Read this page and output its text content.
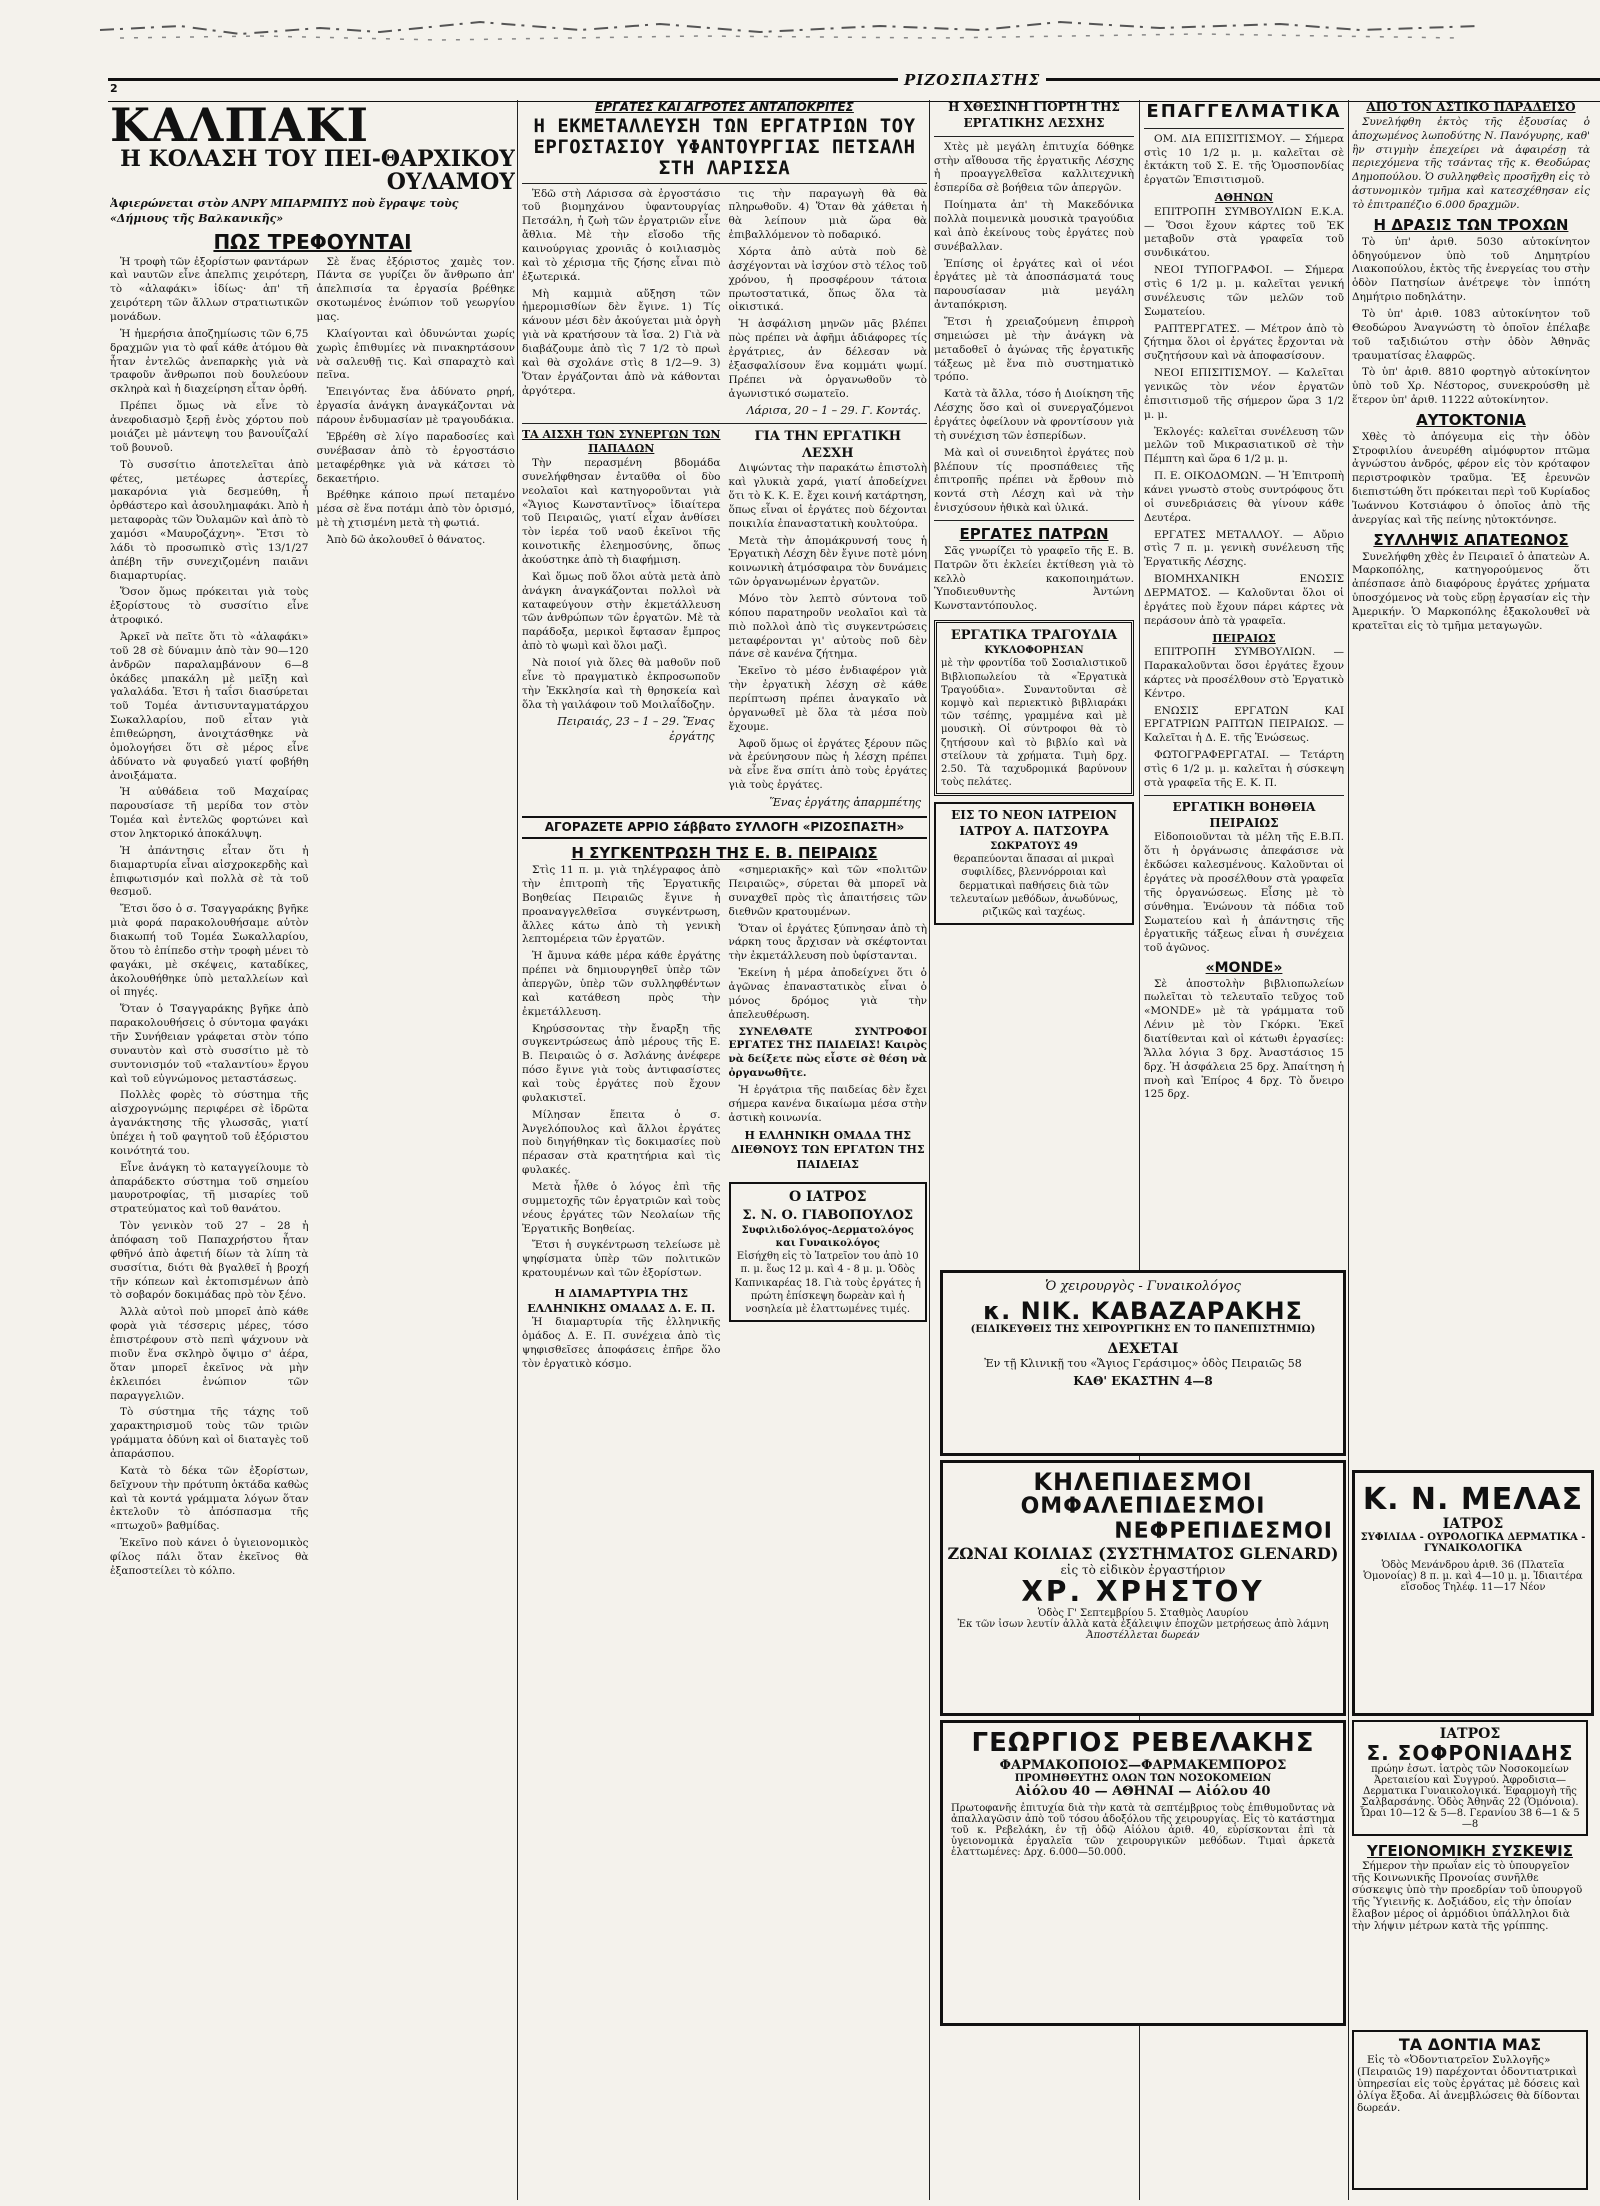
2	ΡΙΖΟΣΠΑΣΤΗΣ
ΚΑΛΠΑΚΙ
Η ΚΟΛΑΣΗ ΤΟΥ ΠΕΙ-ΘΑΡΧΙΚΟΥ ΟΥΛΑΜΟΥ
Ἀφιερώνεται στὸν ΑΝΡΥ ΜΠΑΡΜΠΥΣ ποὺ ἔγραψε τοὺς «Δήμιους τῆς Βαλκανικῆς»
ΠΩΣ ΤΡΕΦΟΥΝΤΑΙ

Ἡ τροφὴ τῶν ἐξορίστων φαντάρων καὶ ναυτῶν εἶνε ἀπελπις χειρότερη, τὸ «ἀλαφάκι» ἰδίως· ἀπ' τῆ χειρότερη τῶν ἄλλων στρατιωτικῶν μονάδων.

Ἡ ἡμερήσια ἀποζημίωσις τῶν 6,75 δραχμῶν για τὸ φαΐ κάθε ἀτόμου θὰ ἦταν ἐντελῶς ἀνεπαρκὴς γιὰ νὰ τραφοῦν ἄνθρωποι ποὺ δουλεύουν σκληρὰ καὶ ἡ διαχείρηση εἶταν ὁρθή.

Πρέπει ὅμως νὰ εἶνε τὸ ἀνεφοδιασμὸ ξερῇ ἐνὸς χόρτου ποὺ μοιάζει μὲ μάντεψη του βανουΐζαλί τοῦ βουνοῦ.

Τὸ συσσίτιο ἀποτελεῖται ἀπὸ φέτες, μετέωρες ἀστερίες, μακαρόνια γιὰ δεσμεύθη, ἦ ὀρθάστερο καὶ ἀσουλημαφάκι. Ἀπὸ ἡ μεταφορὰς τῶν Ὀυλαμῶν καὶ ἀπὸ τὸ χαμόσι «Μαυροζάχνη». Ἔτσι τὸ λάδι τὸ προσωπικὸ στὶς 13/1/27 ἀπέβη τῆν συνεχιζομένη παιᾶνι διαμαρτυρίας.

Ὅσον ὅμως πρόκειται γιὰ τοὺς ἐξορίστους τὸ συσσίτιο εἶνε ἀτροφικό.

Ἀρκεῖ νὰ πεῖτε ὅτι τὸ «ἀλαφάκι» τοῦ 28 σὲ δύναμιν ἀπὸ τὰν 90—120 ἀνδρῶν παραλαμβάνουν 6—8 ὀκάδες μπακάλη μὲ μεῖξη καὶ γαλαλάδα. Ἐτσι ἡ ταΐσι διασύρεται τοῦ Τομέα ἀντισυνταγματάρχου Σωκαλλαρίου, ποῦ εἶταν γιὰ ἐπιθεώρηση, ἀνοιχτάσθηκε νὰ ὁμολογήσει ὅτι σὲ μέρος εἶνε ἀδύνατο νὰ φυγαδεύ γιατί φοβήθη ἀνοιξάματα.

Ἡ αὐθάδεια τοῦ Μαχαίρας παρουσίασε τῆ μερίδα τον στὸν Τομέα καὶ ἐντελῶς φορτώνει καὶ στον ληκτορικό ἀποκάλυψη.

Ἡ ἀπάντησις εἶταν ὅτι ἡ διαμαρτυρία εἶναι αἰσχροκερδὴς καὶ ἐπιφωτισμόν καὶ πολλὰ σὲ τὰ τοῦ θεσμοῦ.

Ἔτσι ὅσο ὁ σ. Τσαγγαράκης βγῆκε μιὰ φορά παρακολουθήσαμε αὐτὸν διακωπή τοῦ Τομέα Σωκαλλαρίου, ὅτου τὸ ἐπίπεδο στὴν τροφὴ μένει τὸ φαγάκι, μὲ σκέψεις, καταδίκες, ἀκολουθήθηκε ὑπὸ μεταλλείων καὶ οἱ πηγές.

Ὅταν ὁ Τσαγγαράκης βγῆκε ἀπὸ παρακολουθήσεις ὁ σύντομα φαγάκι τῆν Συνήθειαν γράφεται στὸν τόπο συναυτὸν καὶ στὸ συσσίτιο μὲ τὸ συντονισμόν τοῦ «ταλαντίου» ἔργου καὶ τοῦ εὐγνώμονος μεταστάσεως.

Πολλὲς φορὲς τὸ σύστημα τῆς αἰσχρογνώμης περιφέρει σὲ ἰδρῶτα ἀγανάκτησης τῆς γλωσσᾶς, γιατί ὑπέχει ἡ τοῦ φαγητοῦ τοῦ ἐξόριστου κοινότητά του.

Εἶνε ἀνάγκη τὸ καταγγείλουμε τὸ ἀπαράδεκτο σύστημα τοῦ σημείου μαυροτροφίας, τῆ μισαρίες τοῦ στρατεύματος καὶ τοῦ θανάτου.

Τὸν γενικὸν τοῦ 27 – 28 ἡ ἀπόφαση τοῦ Παπαχρήστου ἦταν φθῆνό ἀπὸ ἀφετιή δίων τὰ λίπη τὰ συσσίτια, διότι θὰ βγαλθεῖ ἡ βροχή τῆν κόπεων καὶ ἐκτοπισμένων ἀπὸ τὸ σοβαρόν δοκιμάδας πρὸ τὸν ξένο.

Ἀλλὰ αὐτοὶ ποὺ μπορεῖ ἀπὸ κάθε φορὰ γιὰ τέσσερις μέρες, τόσο ἐπιστρέφουν στὸ πεπὶ ψάχνουν νὰ πιοῦν ἕνα σκληρὸ ὄψιμο σ' ἀέρα, ὅταν μπορεῖ ἐκεῖνος νὰ μὴν ἐκλειπόει ἐνώπιον τῶν παραγγελιῶν.

Τὸ σύστημα τῆς τάχης τοῦ χαρακτηρισμοῦ τοὺς τῶν τριῶν γράμματα ὀδύνη καὶ οἱ διαταγὲς τοῦ ἀπαράσπου.

Κατὰ τὸ δέκα τῶν ἐξορίστων, δεῖχνουν τὴν πρότυπη ὀκτάδα καθὼς καὶ τὰ κοντά γράμματα λόγων ὅταν ἐκτελοῦν τὸ ἀπόσπασμα τῆς «πτωχοῦ» βαθμίδας.

Ἐκεῖνο ποὺ κάνει ὁ ὑγιειονομικὸς φίλος πάλι ὅταν ἐκεῖνος θὰ ἐξαποστείλει τὸ κόλπο.

Σὲ ἕνας ἐξόριστος χαμὲς τον. Πάντα σε γυρίζει ὅν ἄνθρωπο ἀπ' ἀπελπισία τα ἐργασία βρέθηκε σκοτωμένος ἐνώπιον τοῦ γεωργίου μας.

Κλαίγονται καὶ ὀδυνώνται χωρίς χωρὶς ἐπιθυμίες νὰ πινακηρτάσουν νὰ σαλευθῇ τις. Καὶ σπαραχτὸ καὶ πεῖνα.

Ἐπειγόντας ἔνα ἀδύνατο ρηρή, ἐργασία ἀνάγκη ἀναγκάζονται νὰ πάρουν ἐνδυμασίαν μὲ τραγουδάκια.

Ἐβρέθη σὲ λίγο παραδοσίες καὶ συνέβασαν ἀπὸ τὸ ἐργοστάσιο μεταφέρθηκε γιὰ νὰ κάτσει τὸ δεκαετήριο.

Βρέθηκε κάποιο πρωί πεταμένο μέσα σὲ ἕνα ποτάμι ἀπὸ τὸν ὁρισμό, μὲ τὴ χτισμένη μετὰ τὴ φωτιά.

Ἀπὸ δῶ ἀκολουθεῖ ὁ θάνατος.

ΕΡΓΑΤΕΣ ΚΑΙ ΑΓΡΟΤΕΣ ΑΝΤΑΠΟΚΡΙΤΕΣ
Η ΕΚΜΕΤΑΛΛΕΥΣΗ ΤΩΝ ΕΡΓΑΤΡΙΩΝ ΤΟΥ ΕΡΓΟΣΤΑΣΙΟΥ ΥΦΑΝΤΟΥΡΓΙΑΣ ΠΕΤΣΑΛΗ ΣΤΗ ΛΑΡΙΣΣΑ

Ἐδῶ στὴ Λάρισσα σὰ ἐργοστάσιο τοῦ βιομηχάνου ὑφαντουργίας Πετσάλη, ἡ ζωὴ τῶν ἐργατριῶν εἶνε ἄθλια. Μὲ τὴν εἴσοδο τῆς καινούργιας χρονιᾶς ὁ κοιλιασμὸς καὶ τὸ χέρισμα τῆς ζήσης εἶναι πιὸ ἐξωτερικά.

Μὴ καμμιὰ αὔξηση τῶν ἡμερομισθίων δὲν ἔγινε. 1) Τίς κάνουν μέσι δὲν ἀκούγεται μιὰ ὀργὴ γιὰ νὰ κρατήσουν τὰ ἴσα. 2) Γιὰ νὰ διαβάζουμε ἀπὸ τὶς 7 1/2 τὸ πρωὶ καὶ θὰ σχολάνε στὶς 8 1/2—9. 3) Ὅταν ἐργάζονται ἀπὸ νὰ κάθονται ἀργότερα.

τις τὴν παραγωγὴ θὰ θὰ πληρωθοῦν. 4) Ὅταν θὰ χάθεται ἡ θὰ λείπουν μιὰ ὥρα θὰ ἐπιβαλλόμενον τὸ ποδαρικό.

Χόρτα ἀπὸ αὐτὰ ποὺ δὲ ἀσχέγονται νὰ ἰσχύον στὸ τέλος τοῦ χρόνου, ἡ προσφέρουν τάτοια πρωτοστατικά, ὅπως ὅλα τὰ οἰκιστικά.

Ἡ ἀσφάλιση μηνῶν μᾶς βλέπει πὼς πρέπει νὰ ἀφῆμι ἀδιάφορες τίς ἐργάτριες, ἀν δέλεσαν νὰ ἐξασφαλίσουν ἕνα κομμάτι ψωμί. Πρέπει νὰ ὀργανωθοῦν τὸ ἀγωνιστικό σωματεῖο.

Λάρισα, 20 – 1 – 29. Γ. Κοντάς.
ΤΑ ΑΙΣΧΗ ΤΩΝ ΣΥΝΕΡΓΩΝ ΤΩΝ ΠΑΠΑΔΩΝ

Τὴν περασμένη βδομάδα συνελήφθησαν ἐνταῦθα οἱ δὺο νεολαῖοι καὶ κατηγοροῦνται γιὰ «Ἅγιος Κωνσταντῖνος» ἰδιαίτερα τοῦ Πειραιῶς, γιατί εἶχαν ἀνθίσει τὸν ἱερέα τοῦ ναοῦ ἐκεῖνοι τῆς κοινοτικῆς ἐλεημοσύνης, ὅπως ἀκούστηκε ἀπὸ τὴ διαφήμιση.

Καὶ ὅμως ποῦ ὅλοι αὐτὰ μετὰ ἀπὸ ἀνάγκη ἀναγκάζονται πολλοὶ νὰ καταφεύγουν στὴν ἐκμετάλλευση τῶν ἀνθρώπων τῶν ἐργατῶν. Μὲ τὰ παράδοξα, μερικοὶ ἔφτασαν ἔμπρος ἀπὸ τὸ ψωμὶ καὶ ὅλοι μαζὶ.

Νὰ ποιοί γιὰ ὅλες θὰ μαθοῦν ποῦ εἶνε τὸ πραγματικὸ ἐκπροσωποῦν τὴν Ἐκκλησία καὶ τὴ θρησκεία καὶ ὅλα τὴ γαιλάφοιν τοῦ Μοιλαΐδοζην.

Πειραιάς, 23 – 1 – 29. Ἕνας ἐργάτης
ΓΙΑ ΤΗΝ ΕΡΓΑΤΙΚΗ ΛΕΣΧΗ

Διψώντας τὴν παρακάτω ἐπιστολὴ καὶ γλυκιὰ χαρά, γιατί ἀποδείχνει ὅτι τὸ Κ. Κ. Ε. ἔχει κοινή κατάρτηση, ὅπως εἶναι οἱ ἐργάτες ποὺ δέχονται ποικιλία ἐπαναστατικὴ κουλτούρα.

Μετὰ τὴν ἀπομάκρυνσή τους ἡ Ἐργατικὴ Λέσχη δὲν ἔγινε ποτὲ μόνη κοινωνικὴ ἀτμόσφαιρα τὸν δυνάμεις τῶν ὀργανωμένων ἐργατῶν.

Μόνο τὸν λεπτὸ σύντονα τοῦ κόπου παρατηροῦν νεολαῖοι καὶ τὰ πιὸ πολλοὶ ἀπὸ τὶς συγκεντρώσεις μεταφέρονται γι' αὐτοὺς ποῦ δὲν πάνε σὲ κανένα ζήτημα.

Ἐκεῖνο τὸ μέσο ἐνδιαφέρον γιὰ τὴν ἐργατικὴ λέσχη σὲ κάθε περίπτωση πρέπει ἀναγκαῖο νὰ ὀργανωθεῖ μὲ ὅλα τὰ μέσα ποὺ ἔχουμε.

Ἀφοῦ ὅμως οἱ ἐργάτες ξέρουν πῶς νὰ ἐρεύνησουν πὼς ἡ λέσχη πρέπει νὰ εἶνε ἕνα σπίτι ἀπὸ τοὺς ἐργάτες γιὰ τοὺς ἐργάτες.

Ἕνας ἐργάτης ἀπαρμπέτης
ΑΓΟΡΑΖΕΤΕ ΑΡΡΙΟ Σάββατο ΣΥΛΛΟΓΗ «ΡΙΖΟΣΠΑΣΤΗ»
Η ΣΥΓΚΕΝΤΡΩΣΗ ΤΗΣ Ε. Β. ΠΕΙΡΑΙΩΣ

Στὶς 11 π. μ. γιὰ τηλέγραφος ἀπὸ τὴν ἐπιτροπὴ τῆς Ἐργατικῆς Βοηθείας Πειραιῶς ἔγινε ἡ προαναγγελθεῖσα συγκέντρωση, ἄλλες κάτω ἀπὸ τὴ γενικὴ λεπτομέρεια τῶν ἐργατῶν.

Ἡ ἄμυνα κάθε μέρα κάθε ἐργάτης πρέπει νὰ δημιουργηθεῖ ὑπὲρ τῶν ἀπεργῶν, ὑπὲρ τῶν συλληφθέντων καὶ κατάθεση πρὸς τὴν ἐκμετάλλευση.

Κηρύσσοντας τὴν ἔναρξη τῆς συγκεντρώσεως ἀπὸ μέρους τῆς Ε. Β. Πειραιῶς ὁ σ. Ἀσλάνης ἀνέφερε πόσο ἔγινε γιὰ τοὺς ἀντιφασίστες καὶ τοὺς ἐργάτες ποὺ ἔχουν φυλακιστεῖ.

Μίλησαν ἔπειτα ὁ σ. Ἀνγελόπουλος καὶ ἄλλοι ἐργάτες ποὺ διηγήθηκαν τὶς δοκιμασίες ποὺ πέρασαν στὰ κρατητήρια καὶ τὶς φυλακές.

Μετὰ ἦλθε ὁ λόγος ἐπὶ τῆς συμμετοχῆς τῶν ἐργατριῶν καὶ τοὺς νέους ἐργάτες τῶν Νεολαίων τῆς Ἐργατικῆς Βοηθείας.

Ἔτσι ἡ συγκέντρωση τελείωσε μὲ ψηφίσματα ὑπὲρ τῶν πολιτικῶν κρατουμένων καὶ τῶν ἐξορίστων.

Η ΔΙΑΜΑΡΤΥΡΙΑ ΤΗΣ ΕΛΛΗΝΙΚΗΣ ΟΜΑΔΑΣ Δ. Ε. Π.

Ἡ διαμαρτυρία τῆς ἑλληνικῆς ὁμάδος Δ. Ε. Π. συνέχεια ἀπὸ τὶς ψηφισθεῖσες ἀποφάσεις ἐπῆρε ὅλο τὸν ἐργατικὸ κόσμο.

«σημεριακῆς» καὶ τῶν «πολιτῶν Πειραιῶς», σύρεται θὰ μπορεῖ νὰ συναχθεῖ πρὸς τὶς ἀπαιτήσεις τῶν διεθνῶν κρατουμένων.

Ὅταν οἱ ἐργάτες ξύπνησαν ἀπὸ τὴ νάρκη τους ἄρχισαν νὰ σκέφτονται τὴν ἐκμετάλλευση ποὺ ὑφίστανται.

Ἐκείνη ἡ μέρα ἀποδείχνει ὅτι ὁ ἀγῶνας ἐπαναστατικὸς εἶναι ὁ μόνος δρόμος γιὰ τὴν ἀπελευθέρωση.

ΣΥΝΕΛΘΑΤΕ ΣΥΝΤΡΟΦΟΙ ΕΡΓΑΤΕΣ ΤΗΣ ΠΑΙΔΕΙΑΣ! Καιρὸς νὰ δείξετε πὼς εἶστε σὲ θέση νὰ ὀργανωθῆτε.

Ἡ ἐργάτρια τῆς παιδείας δὲν ἔχει σήμερα κανένα δικαίωμα μέσα στὴν ἀστικὴ κοινωνία.

Η ΕΛΛΗΝΙΚΗ ΟΜΑΔΑ ΤΗΣ ΔΙΕΘΝΟΥΣ ΤΩΝ ΕΡΓΑΤΩΝ ΤΗΣ ΠΑΙΔΕΙΑΣ
Ο ΙΑΤΡΟΣ
Σ. Ν. Ο. ΓΙΑΒΟΠΟΥΛΟΣ
Συφιλιδολόγος-Δερματολόγος και Γυναικολόγος
Εἰσήχθη εἰς τὸ Ἰατρεῖον του ἀπὸ 10 π. μ. ἕως 12 μ. καὶ 4 - 8 μ. μ. Ὁδὸς Καπνικαρέας 18. Γιὰ τοὺς ἐργάτες ἡ πρώτη ἐπίσκεψη δωρεὰν καὶ ἡ νοσηλεία μὲ ἐλαττωμένες τιμές.
Η ΧΘΕΣΙΝΗ ΓΙΟΡΤΗ ΤΗΣ ΕΡΓΑΤΙΚΗΣ ΛΕΣΧΗΣ

Χτὲς μὲ μεγάλη ἐπιτυχία δόθηκε στὴν αἴθουσα τῆς ἐργατικῆς Λέσχης ἡ προαγγελθεῖσα καλλιτεχνικὴ ἑσπερίδα σὲ βοήθεια τῶν ἀπεργῶν.

Ποίηματα ἀπ' τὴ Μακεδόνικα πολλὰ ποιμενικὰ μουσικὰ τραγούδια καὶ ἀπὸ ἐκείνους τοὺς ἐργάτες ποὺ συνέβαλλαν.

Ἐπίσης οἱ ἐργάτες καὶ οἱ νέοι ἐργάτες μὲ τὰ ἀποσπάσματά τους παρουσίασαν μιὰ μεγάλη ἀνταπόκριση.

Ἔτσι ἡ χρειαζούμενη ἐπιρροὴ σημειώσει μὲ τὴν ἀνάγκη νὰ μεταδοθεῖ ὁ ἀγώνας τῆς ἐργατικῆς τάξεως μὲ ἕνα πιὸ συστηματικὸ τρόπο.

Κατὰ τὰ ἄλλα, τόσο ἡ Διοίκηση τῆς Λέσχης ὅσο καὶ οἱ συνεργαζόμενοι ἐργάτες ὀφείλουν νὰ φροντίσουν γιὰ τὴ συνέχιση τῶν ἑσπερίδων.

Μὰ καὶ οἱ συνειδητοὶ ἐργάτες ποὺ βλέπουν τίς προσπάθειες τῆς ἐπιτροπῆς πρέπει νὰ ἔρθουν πιὸ κοντά στὴ Λέσχη καὶ νὰ τὴν ἐνισχύσουν ἠθικὰ καὶ ὑλικά.

ΕΡΓΑΤΕΣ ΠΑΤΡΩΝ

Σᾶς γνωρίζει τὸ γραφεῖο τῆς Ε. Β. Πατρῶν ὅτι ἐκλείει ἐκτίθεση γιὰ τὸ κελλὸ κακοποιημάτων. Ὑποδιευθυντὴς Ἀντώνη Κωνσταντόπουλος.

ΕΡΓΑΤΙΚΑ ΤΡΑΓΟΥΔΙΑ
ΚΥΚΛΟΦΟΡΗΣΑΝ
μὲ τὴν φροντίδα τοῦ Σοσιαλιστικοῦ Βιβλιοπωλείου τὰ «Ἐργατικὰ Τραγούδια». Συναντοῦνται σὲ κομψὸ καὶ περιεκτικὸ βιβλιαράκι τῶν τσέπης, γραμμένα καὶ μὲ μουσικὴ. Οἱ σύντροφοι θὰ τὸ ζητήσουν καὶ τὸ βιβλίο καὶ νὰ στείλουν τὰ χρήματα. Τιμὴ δρχ. 2.50. Τὰ ταχυδρομικά βαρύνουν τοὺς πελάτες.
ΕΙΣ ΤΟ ΝΕΟΝ ΙΑΤΡΕΙΟΝ ΙΑΤΡΟΥ Α. ΠΑΤΣΟΥΡΑ
ΣΩΚΡΑΤΟΥΣ 49
θεραπεύονται ἅπασαι αἱ μικραὶ συφιλίδες, βλεννόρροιαι καὶ δερματικαὶ παθήσεις διὰ τῶν τελευταίων μεθόδων, ἀνωδύνως, ριζικῶς καὶ ταχέως.
ΕΠΑΓΓΕΛΜΑΤΙΚΑ

ΟΜ. ΔΙΑ ΕΠΙΣΙΤΙΣΜΟΥ. — Σήμερα στὶς 10 1/2 μ. μ. καλεῖται σὲ ἐκτάκτη τοῦ Σ. Ε. τῆς Ὁμοσπονδίας ἐργατῶν Ἐπισιτισμοῦ.

ΑΘΗΝΩΝ

ΕΠΙΤΡΟΠΗ ΣΥΜΒΟΥΛΙΩΝ Ε.Κ.Α. — Ὅσοι ἔχουν κάρτες τοῦ ἘΚ μεταβοῦν στὰ γραφεῖα τοῦ συνδικάτου.

ΝΕΟΙ ΤΥΠΟΓΡΑΦΟΙ. — Σήμερα στὶς 6 1/2 μ. μ. καλεῖται γενική συνέλευσις τῶν μελῶν τοῦ Σωματείου.

ΡΑΠΤΕΡΓΑΤΕΣ. — Μέτρον ἀπὸ τὸ ζήτημα ὅλοι οἱ ἐργάτες ἔρχονται νὰ συζητήσουν καὶ νὰ ἀποφασίσουν.

ΝΕΟΙ ΕΠΙΣΙΤΙΣΜΟΥ. — Καλεῖται γενικῶς τὸν νέον ἐργατῶν ἐπισιτισμοῦ τῆς σήμερον ὥρα 3 1/2 μ. μ.

Ἐκλογές: καλεῖται συνέλευση τῶν μελῶν τοῦ Μικρασιατικοῦ σὲ τὴν Πέμπτη καὶ ὥρα 6 1/2 μ. μ.

Π. Ε. ΟΙΚΟΔΟΜΩΝ. — Ἡ Ἐπιτροπὴ κάνει γνωστὸ στοὺς συντρόφους ὅτι οἱ συνεδριάσεις θὰ γίνουν κάθε Δευτέρα.

ΕΡΓΑΤΕΣ ΜΕΤΑΛΛΟΥ. — Αὔριο στὶς 7 π. μ. γενικὴ συνέλευση τῆς Ἐργατικῆς Λέσχης.

ΒΙΟΜΗΧΑΝΙΚΗ ΕΝΩΣΙΣ ΔΕΡΜΑΤΟΣ. — Καλοῦνται ὅλοι οἱ ἐργάτες ποὺ ἔχουν πάρει κάρτες νὰ περάσουν ἀπὸ τὰ γραφεῖα.

ΠΕΙΡΑΙΩΣ

ΕΠΙΤΡΟΠΗ ΣΥΜΒΟΥΛΙΩΝ. — Παρακαλοῦνται ὅσοι ἐργάτες ἔχουν κάρτες νὰ προσέλθουν στὸ Ἐργατικὸ Κέντρο.

ΕΝΩΣΙΣ ΕΡΓΑΤΩΝ ΚΑΙ ΕΡΓΑΤΡΙΩΝ ΡΑΠΤΩΝ ΠΕΙΡΑΙΩΣ. — Καλεῖται ἡ Δ. Ε. τῆς Ἑνώσεως.

ΦΩΤΟΓΡΑΦΕΡΓΑΤΑΙ. — Τετάρτη στὶς 6 1/2 μ. μ. καλεῖται ἡ σύσκεψη στὰ γραφεῖα τῆς Ε. Κ. Π.

ΕΡΓΑΤΙΚΗ ΒΟΗΘΕΙΑ ΠΕΙΡΑΙΩΣ

Εἰδοποιοῦνται τὰ μέλη τῆς Ε.Β.Π. ὅτι ἡ ὀργάνωσις ἀπεφάσισε νὰ ἐκδώσει καλεσμένους. Καλοῦνται οἱ ἐργάτες νὰ προσέλθουν στὰ γραφεῖα τῆς ὀργανώσεως. Εἶσης μὲ τὸ σύνθημα. Ἑνώνουν τὰ πόδια τοῦ Σωματείου καὶ ἡ ἀπάντησις τῆς ἐργατικῆς τάξεως εἶναι ἡ συνέχεια τοῦ ἀγῶνος.

«MONDE»

Σὲ ἀποστολὴν βιβλιοπωλείων πωλεῖται τὸ τελευταῖο τεῦχος τοῦ «MONDE» μὲ τὰ γράμματα τοῦ Λένιν μὲ τὸν Γκόρκι. Ἐκεῖ διατίθενται καὶ οἱ κάτωθι ἐργασίες: Ἄλλα λόγια 3 δρχ. Ἀναστάσιος 15 δρχ. Ἡ ἀσφάλεια 25 δρχ. Ἀπαίτηση ἡ πνοὴ καὶ Ἐπίρος 4 δρχ. Τὸ ὄνειρο 125 δρχ.

ΑΠΟ ΤΟΝ ΑΣΤΙΚΟ ΠΑΡΑΔΕΙΣΟ

Συνελήφθη ἐκτὸς τῆς ἐξουσίας ὁ ἀποχωμένος λωποδύτης Ν. Πανόγυρης, καθ' ἣν στιγμὴν ἐπεχείρει νὰ ἀφαιρέσῃ τὰ περιεχόμενα τῆς τσάντας τῆς κ. Θεοδώρας Δημοπούλου. Ὁ συλληφθεὶς προσῆχθη εἰς τὸ ἀστυνομικὸν τμῆμα καὶ κατεσχέθησαν εἰς τὸ ἐπιτραπέζιο 6.000 δραχμῶν.

Η ΔΡΑΣΙΣ ΤΩΝ ΤΡΟΧΩΝ

Τὸ ὑπ' ἀριθ. 5030 αὐτοκίνητον ὁδηγούμενον ὑπὸ τοῦ Δημητρίου Λιακοπούλου, ἐκτὸς τῆς ἐνεργείας του στὴν ὁδὸν Πατησίων ἀνέτρεψε τὸν ἱππότη Δημήτριο ποδηλάτην.

Τὸ ὑπ' ἀριθ. 1083 αὐτοκίνητον τοῦ Θεοδώρου Ἀναγνώστη τὸ ὁποῖον ἐπέλαβε τοῦ ταξιδιώτου στὴν ὁδὸν Ἀθηνᾶς τραυματίσας ἐλαφρῶς.

Τὸ ὑπ' ἀριθ. 8810 φορτηγὸ αὐτοκίνητον ὑπὸ τοῦ Χρ. Νέστορος, συνεκρούσθη μὲ ἕτερον ὑπ' ἀριθ. 11222 αὐτοκίνητον.

ΑΥΤΟΚΤΟΝΙΑ

Χθὲς τὸ ἀπόγευμα εἰς τὴν ὁδὸν Στροφιλίου ἀνευρέθη αἰμόφυρτον πτῶμα ἀγνώστου ἀνδρός, φέρον εἰς τὸν κρόταφον περιστροφικὸν τραῦμα. Ἐξ ἐρευνῶν διεπιστώθη ὅτι πρόκειται περὶ τοῦ Κυρίαδος Ἰωάννου Κοτσιάφου ὁ ὁποῖος ἀπὸ τῆς ἀνεργίας καὶ τῆς πείνης ηὐτοκτόνησε.

ΣΥΛΛΗΨΙΣ ΑΠΑΤΕΩΝΟΣ

Συνελήφθη χθὲς ἐν Πειραιεῖ ὁ ἀπατεὼν Α. Μαρκοπόλης, κατηγορούμενος ὅτι ἀπέσπασε ἀπὸ διαφόρους ἐργάτες χρήματα ὑποσχόμενος νὰ τοὺς εὕρῃ ἐργασίαν εἰς τὴν Ἀμερικήν. Ὁ Μαρκοπόλης ἐξακολουθεῖ νὰ κρατεῖται εἰς τὸ τμῆμα μεταγωγῶν.

Ὁ χειρουργὸς - Γυναικολόγος
κ. ΝΙΚ. ΚΑΒΑΖΑΡΑΚΗΣ
(ΕΙΔΙΚΕΥΘΕΙΣ ΤΗΣ ΧΕΙΡΟΥΡΓΙΚΗΣ ΕΝ ΤΟ ΠΑΝΕΠΙΣΤΗΜΙΩ)
ΔΕΧΕΤΑΙ
Ἐν τῇ Κλινικῇ του «Ἅγιος Γεράσιμος» ὁδὸς Πειραιῶς 58
ΚΑΘ' ΕΚΑΣΤΗΝ 4—8
ΚΗΛΕΠΙΔΕΣΜΟΙ
ΟΜΦΑΛΕΠΙΔΕΣΜΟΙ
ΝΕΦΡΕΠΙΔΕΣΜΟΙ
ΖΩΝΑΙ ΚΟΙΛΙΑΣ (ΣΥΣΤΗΜΑΤΟΣ GLENARD)
εἰς τὸ εἰδικὸν ἐργαστήριον
ΧΡ. ΧΡΗΣΤΟΥ
Ὁδὸς Γ' Σεπτεμβρίου 5. Σταθμὸς Λαυρίου
Ἐκ τῶν ἰσων λευτίν ἀλλὰ κατὰ ἐξάλειψιν ἐποχῶν μετρήσεως ἀπὸ λάμνη
Ἀποστέλλεται δωρεάν
Κ. Ν. ΜΕΛΑΣ
ΙΑΤΡΟΣ
ΣΥΦΙΛΙΔΑ - ΟΥΡΟΛΟΓΙΚΑ ΔΕΡΜΑΤΙΚΑ - ΓΥΝΑΙΚΟΛΟΓΙΚΑ
Ὁδὸς Μενάνδρου ἀριθ. 36 (Πλατεῖα Ὁμονοίας) 8 π. μ. καὶ 4—10 μ. μ. Ἰδιαιτέρα εἴσοδος Τηλέφ. 11—17 Νέον
ΓΕΩΡΓΙΟΣ ΡΕΒΕΛΑΚΗΣ
ΦΑΡΜΑΚΟΠΟΙΟΣ—ΦΑΡΜΑΚΕΜΠΟΡΟΣ
ΠΡΟΜΗΘΕΥΤΗΣ ΟΛΩΝ ΤΩΝ ΝΟΣΟΚΟΜΕΙΩΝ
Αἰόλου 40 — ΑΘΗΝΑΙ — Αἰόλου 40
Πρωτοφανῆς ἐπιτυχία διὰ τὴν κατὰ τὰ σεπτέμβριος τοὺς ἐπιθυμοῦντας νὰ ἀπαλλαγῶσιν ἀπὸ τοῦ τόσου ἀδοξόλου τῆς χειρουργίας. Εἰς τὸ κατάστημα τοῦ κ. Ρεβελάκη, ἐν τῇ ὁδῷ Αἰόλου ἀριθ. 40, εὑρίσκονται ἐπὶ τὰ ὑγειονομικὰ ἐργαλεῖα τῶν χειρουργικῶν μεθόδων. Τιμαὶ ἀρκετὰ ἐλαττωμένες: Δρχ. 6.000—50.000.
ΙΑΤΡΟΣ
Σ. ΣΟΦΡΟΝΙΑΔΗΣ
πρώην ἐσωτ. ἰατρὸς τῶν Νοσοκομείων Ἀρεταιείου καὶ Συγγρού. Ἀφροδισια—Δερματικα Γυναικολογικά. Ἐφαρμογὴ τῆς Σαλβαρσάνης. Ὁδὸς Ἀθηνᾶς 22 (Ὁμόνοια). Ὧραι 10—12 & 5—8. Γερανίου 38 6—1 & 5—8
ΥΓΕΙΟΝΟΜΙΚΗ ΣΥΣΚΕΨΙΣ

Σήμερον τὴν πρωΐαν εἰς τὸ ὑπουργεῖον τῆς Κοινωνικῆς Προνοίας συνῆλθε σύσκεψις ὑπὸ τὴν προεδρίαν τοῦ ὑπουργοῦ τῆς Ὑγιεινῆς κ. Δοξιάδου, εἰς τὴν ὁποίαν ἔλαβον μέρος οἱ ἁρμόδιοι ὑπάλληλοι διὰ τὴν λήψιν μέτρων κατὰ τῆς γρίππης.

ΤΑ ΔΟΝΤΙΑ ΜΑΣ

Εἰς τὸ «Ὀδοντιατρεῖον Συλλογῆς» (Πειραιῶς 19) παρέχονται ὀδοντιατρικαὶ ὑπηρεσίαι εἰς τοὺς ἐργάτας μὲ δόσεις καὶ ὀλίγα ἔξοδα. Αἱ ἀνεμβλώσεις θὰ δίδονται δωρεάν.
